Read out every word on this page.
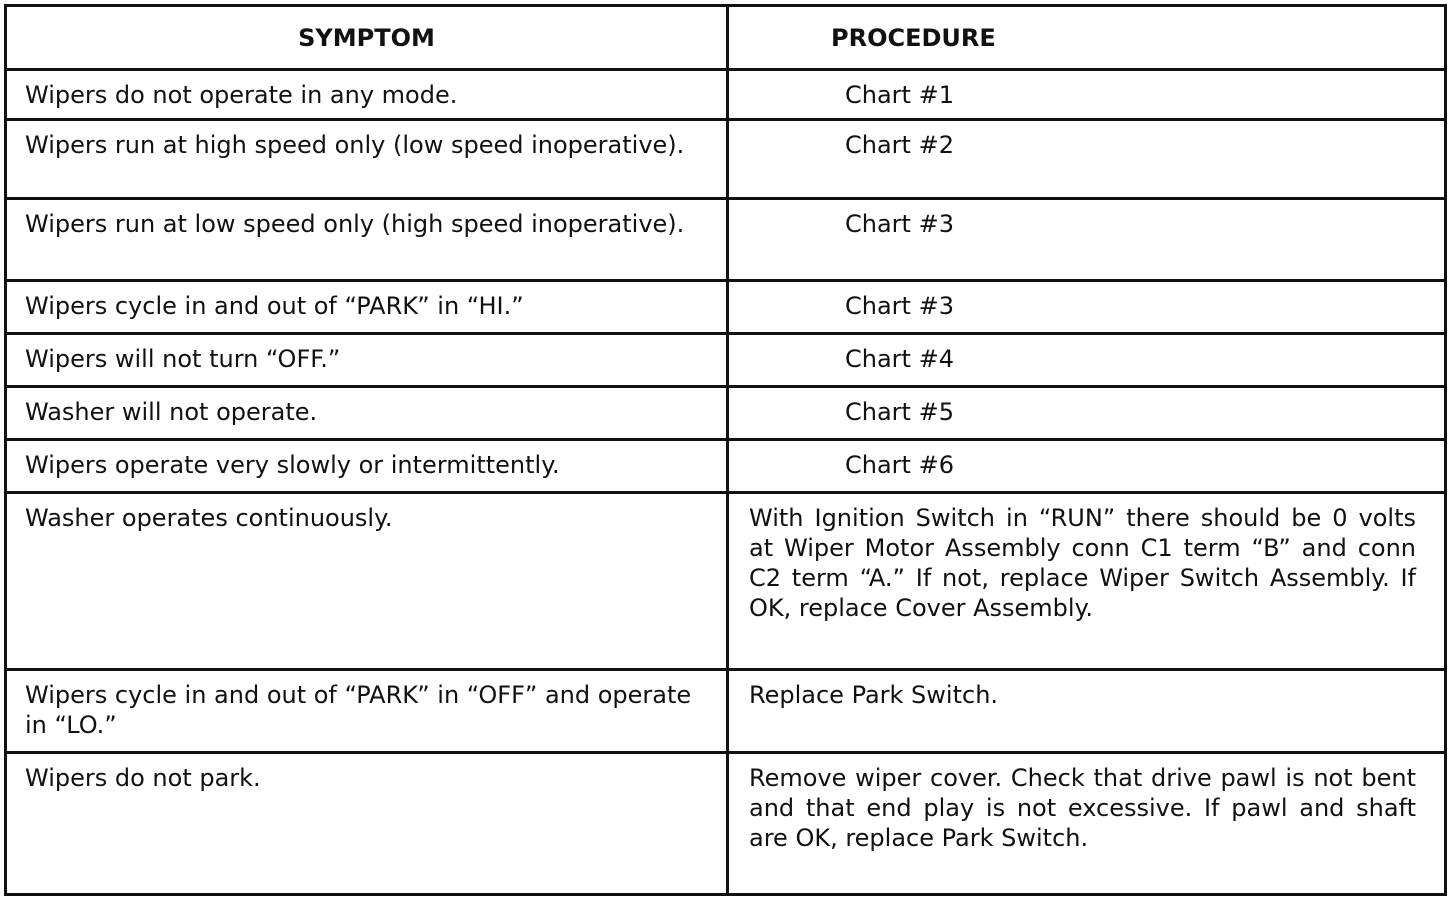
SYMPTOM	PROCEDURE

Wipers do not operate in any mode.	Chart #1

Wipers run at high speed only (low speed inoperative).	Chart #2

Wipers run at low speed only (high speed inoperative).	Chart #3

Wipers cycle in and out of “PARK” in “HI.”	Chart #3

Wipers will not turn “OFF.”	Chart #4

Washer will not operate.	Chart #5

Wipers operate very slowly or intermittently.	Chart #6

Washer operates continuously.	With Ignition Switch in “RUN” there should be 0 volts at Wiper Motor Assembly conn C1 term “B” and conn C2 term “A.” If not, replace Wiper Switch Assembly. If OK, replace Cover Assembly.

Wipers cycle in and out of “PARK” in “OFF” and operate in “LO.”	Replace Park Switch.

Wipers do not park.	Remove wiper cover. Check that drive pawl is not bent and that end play is not excessive. If pawl and shaft are OK, replace Park Switch.
